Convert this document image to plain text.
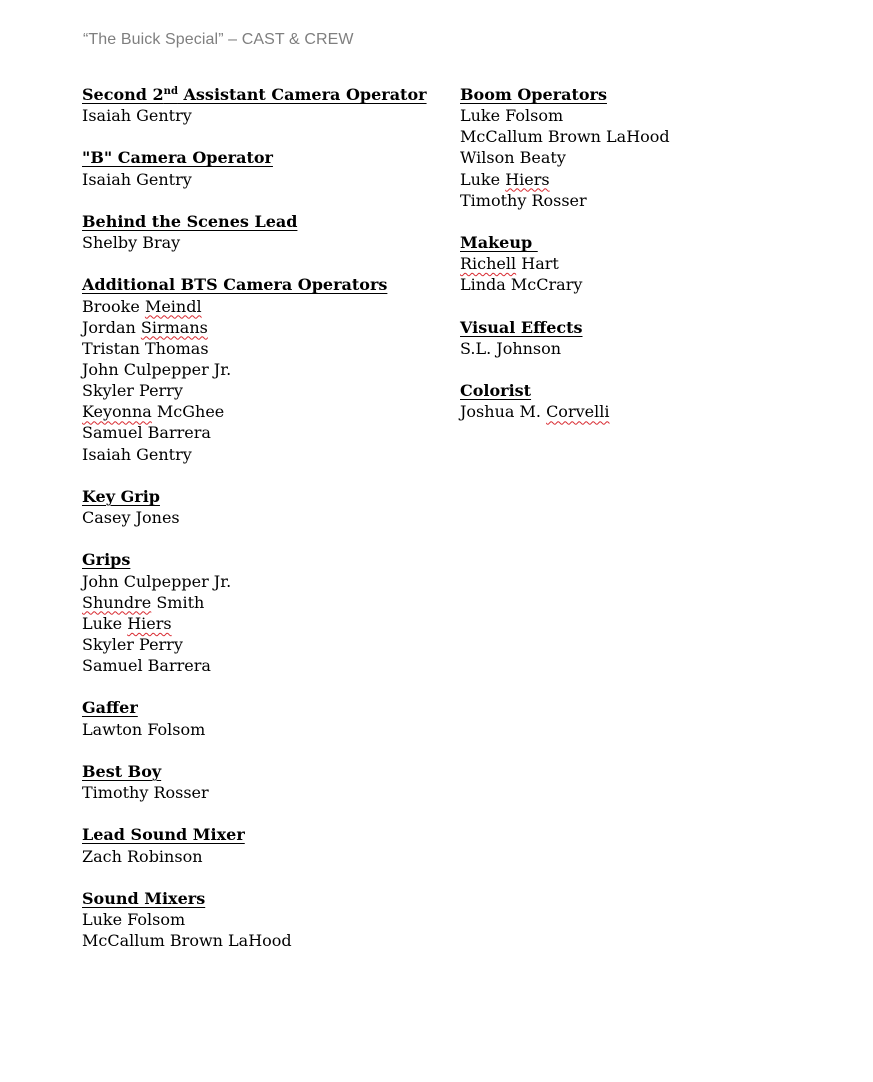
“The Buick Special” – CAST & CREW

Second 2nd Assistant Camera Operator

Isaiah Gentry

"B" Camera Operator

Isaiah Gentry

Behind the Scenes Lead

Shelby Bray

Additional BTS Camera Operators

Brooke Meindl

Jordan Sirmans

Tristan Thomas

John Culpepper Jr.

Skyler Perry

Keyonna McGhee

Samuel Barrera

Isaiah Gentry

Key Grip

Casey Jones

Grips

John Culpepper Jr.

Shundre Smith

Luke Hiers

Skyler Perry

Samuel Barrera

Gaffer

Lawton Folsom

Best Boy

Timothy Rosser

Lead Sound Mixer

Zach Robinson

Sound Mixers

Luke Folsom

McCallum Brown LaHood

Boom Operators

Luke Folsom

McCallum Brown LaHood

Wilson Beaty

Luke Hiers

Timothy Rosser

Makeup

Richell Hart

Linda McCrary

Visual Effects

S.L. Johnson

Colorist

Joshua M. Corvelli
